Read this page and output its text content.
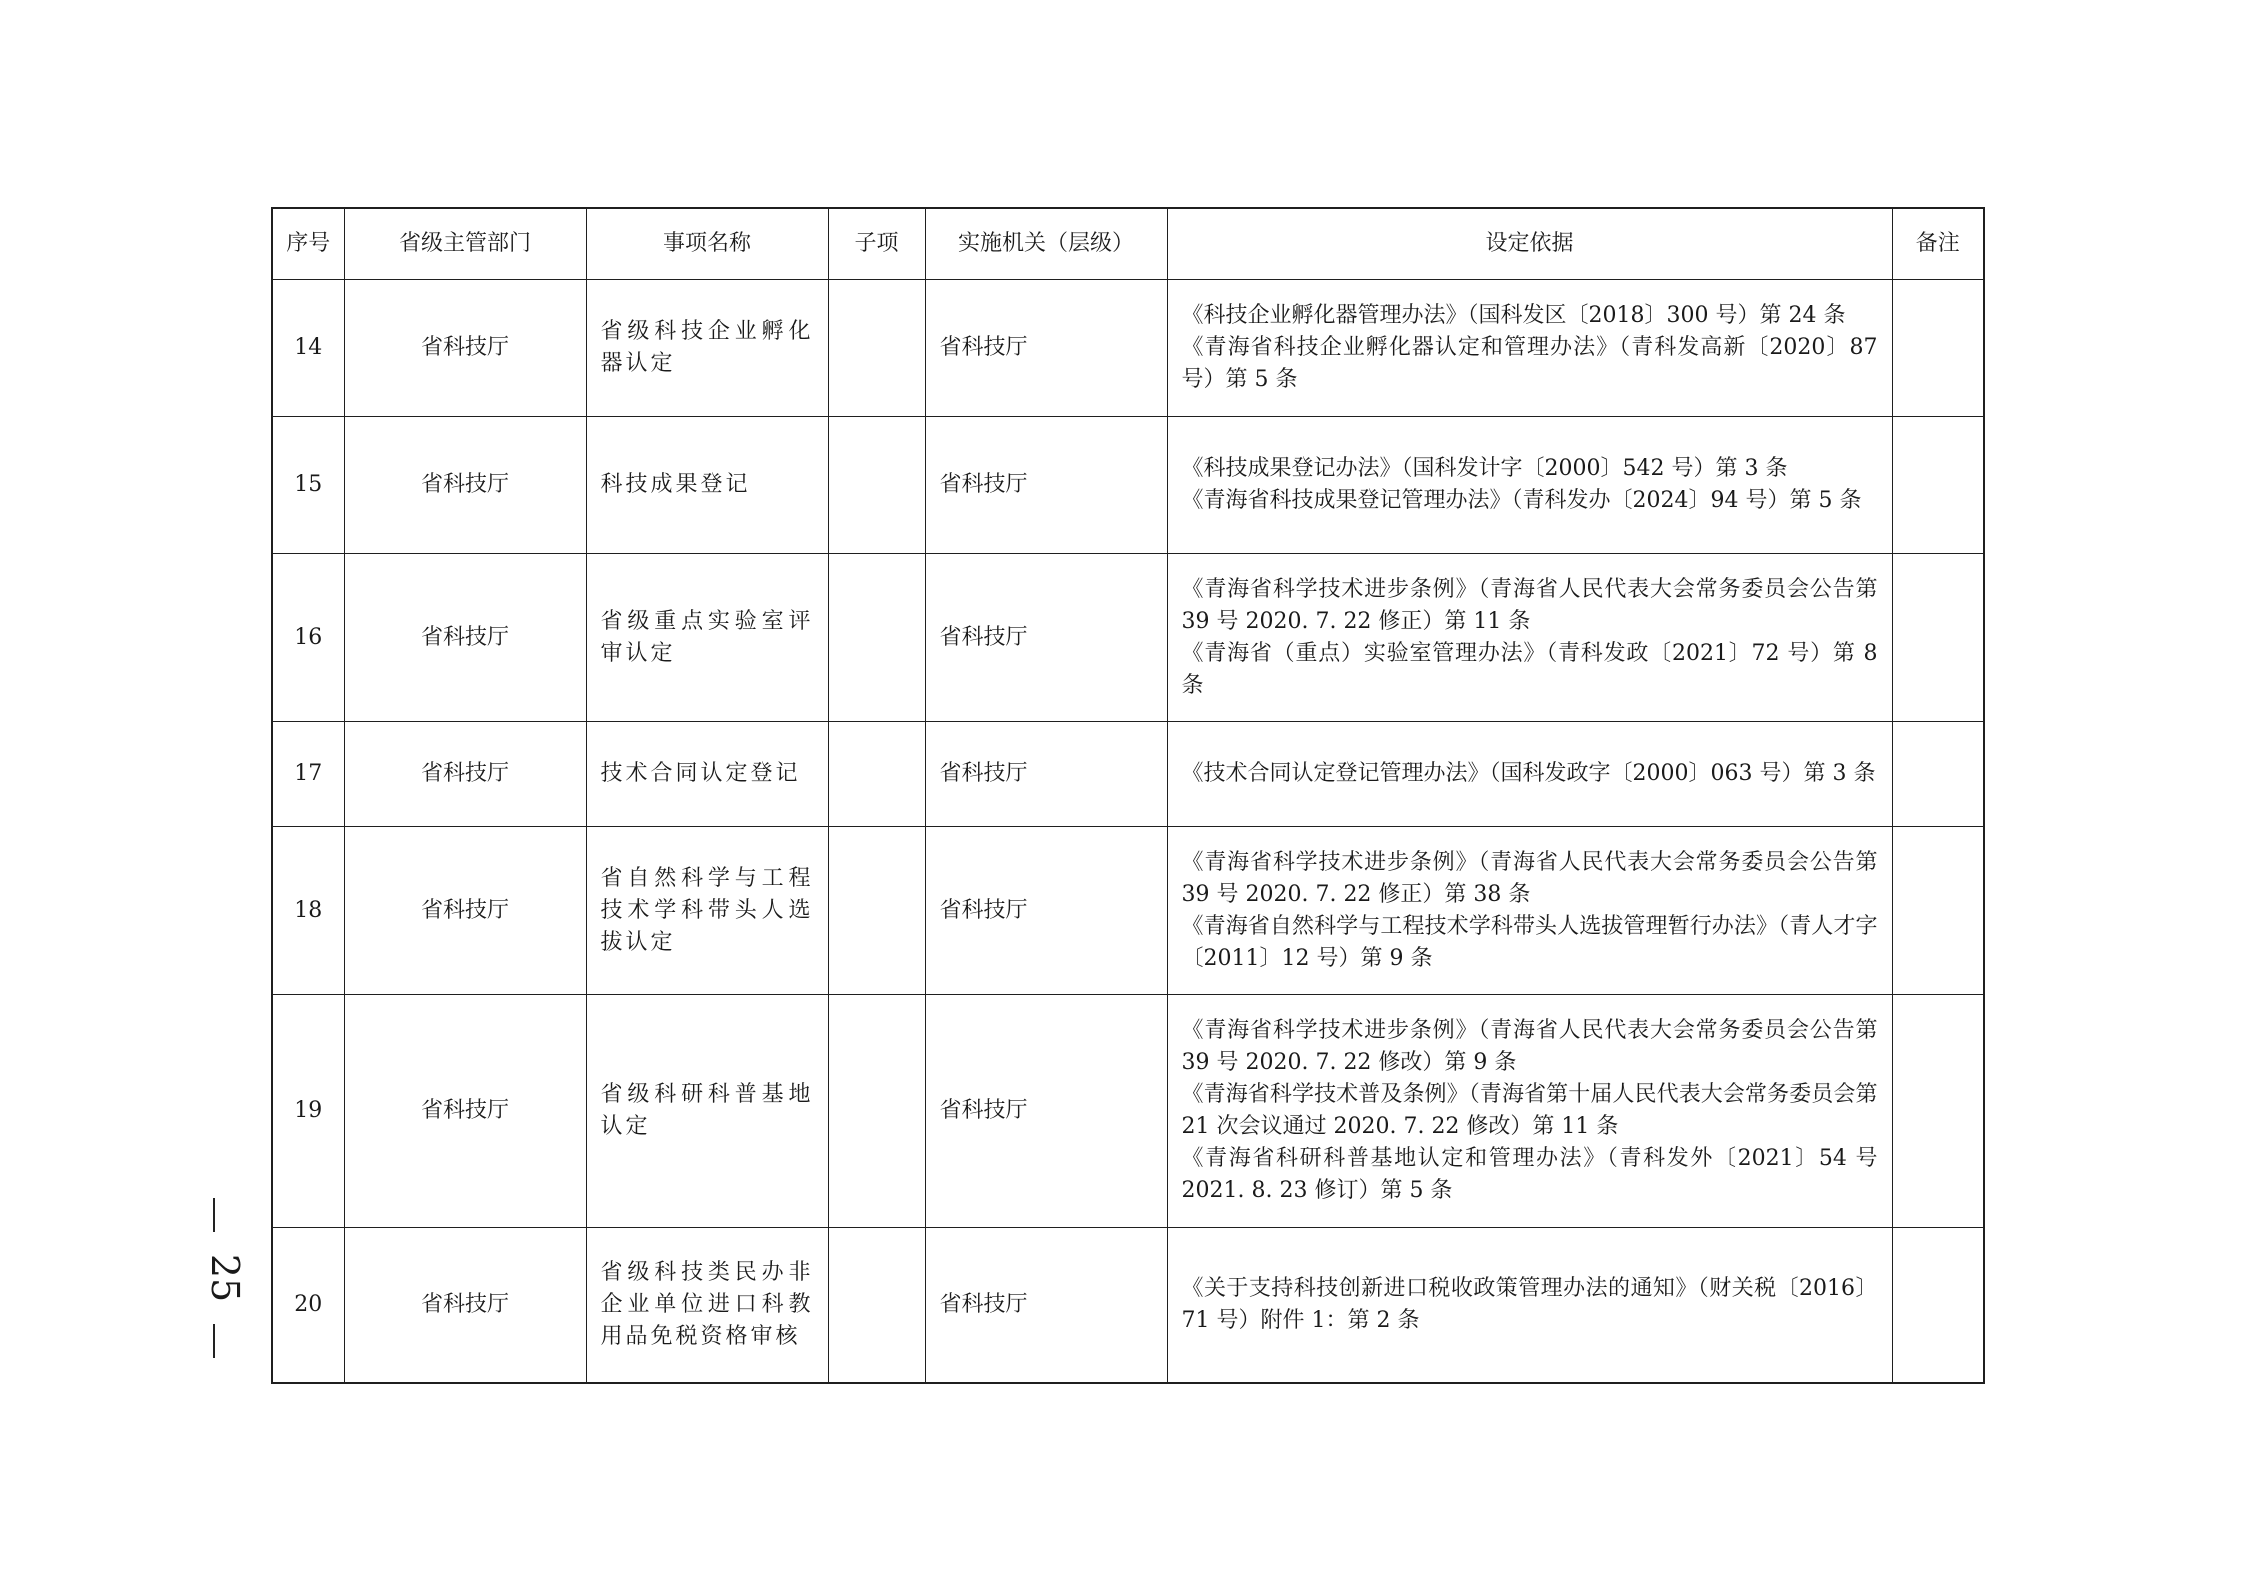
序号	省级主管部门	事项名称	子项	实施机关（层级）	设定依据	备注
14	省科技厅	省级科技企业孵化器认定		省科技厅	《科技企业孵化器管理办法》（国科发区〔2018〕300 号）第 24 条
《青海省科技企业孵化器认定和管理办法》（青科发高新〔2020〕87 号）第 5 条	

15	省科技厅	科技成果登记		省科技厅	《科技成果登记办法》（国科发计字〔2000〕542 号）第 3 条
《青海省科技成果登记管理办法》（青科发办〔2024〕94 号）第 5 条	

16	省科技厅	省级重点实验室评审认定		省科技厅	《青海省科学技术进步条例》（青海省人民代表大会常务委员会公告第 39 号 2020. 7. 22 修正）第 11 条
《青海省（重点）实验室管理办法》（青科发政〔2021〕72 号）第 8 条	

17	省科技厅	技术合同认定登记		省科技厅	《技术合同认定登记管理办法》（国科发政字〔2000〕063 号）第 3 条	

18	省科技厅	省自然科学与工程技术学科带头人选拔认定		省科技厅	《青海省科学技术进步条例》（青海省人民代表大会常务委员会公告第 39 号 2020. 7. 22 修正）第 38 条
《青海省自然科学与工程技术学科带头人选拔管理暂行办法》（青人才字〔2011〕12 号）第 9 条	

19	省科技厅	省级科研科普基地认定		省科技厅	《青海省科学技术进步条例》（青海省人民代表大会常务委员会公告第 39 号 2020. 7. 22 修改）第 9 条
《青海省科学技术普及条例》（青海省第十届人民代表大会常务委员会第 21 次会议通过 2020. 7. 22 修改）第 11 条
《青海省科研科普基地认定和管理办法》（青科发外〔2021〕54 号 2021. 8. 23 修订）第 5 条	

20	省科技厅	省级科技类民办非企业单位进口科教用品免税资格审核		省科技厅	《关于支持科技创新进口税收政策管理办法的通知》（财关税〔2016〕71 号）附件 1：第 2 条	

25
